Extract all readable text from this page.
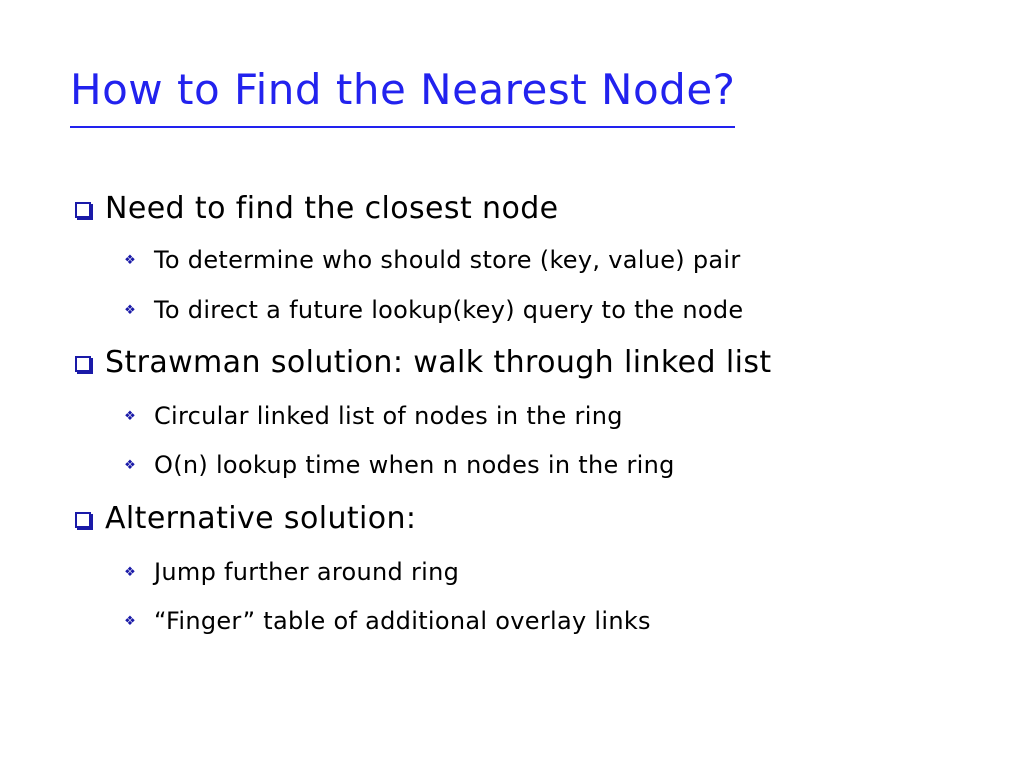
How to Find the Nearest Node?
Need to find the closest node
❖ To determine who should store (key, value) pair
❖ To direct a future lookup(key) query to the node
Strawman solution: walk through linked list
❖ Circular linked list of nodes in the ring
❖ O(n) lookup time when n nodes in the ring
Alternative solution:
❖ Jump further around ring
❖ “Finger” table of additional overlay links
